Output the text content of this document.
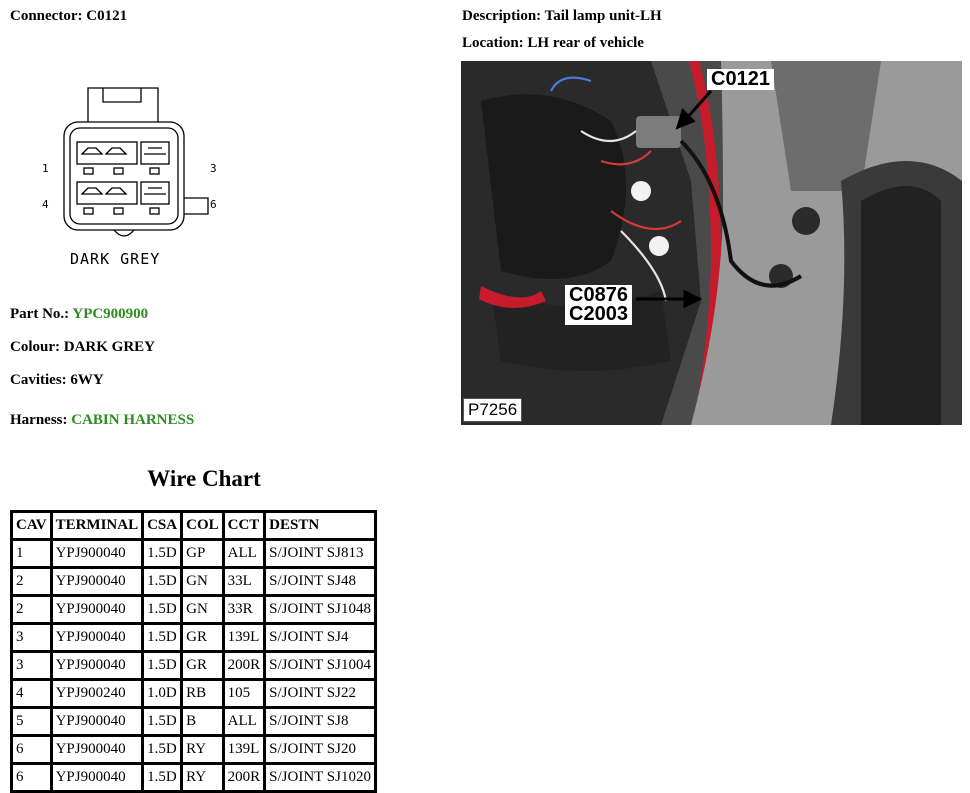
Connector: C0121	Description: Tail lamp unit-LH
Location: LH rear of vehicle
1	3
4	6
DARK GREY
Part No.: YPC900900
Colour: DARK GREY
Cavities: 6WY
Harness: CABIN HARNESS
C0121
C0876
C2003
P7256
Wire Chart
CAV	TERMINAL	CSA	COL	CCT	DESTN
1	YPJ900040	1.5D	GP	ALL	S/JOINT SJ813
2	YPJ900040	1.5D	GN	33L	S/JOINT SJ48
2	YPJ900040	1.5D	GN	33R	S/JOINT SJ1048
3	YPJ900040	1.5D	GR	139L	S/JOINT SJ4
3	YPJ900040	1.5D	GR	200R	S/JOINT SJ1004
4	YPJ900240	1.0D	RB	105	S/JOINT SJ22
5	YPJ900040	1.5D	B	ALL	S/JOINT SJ8
6	YPJ900040	1.5D	RY	139L	S/JOINT SJ20
6	YPJ900040	1.5D	RY	200R	S/JOINT SJ1020
